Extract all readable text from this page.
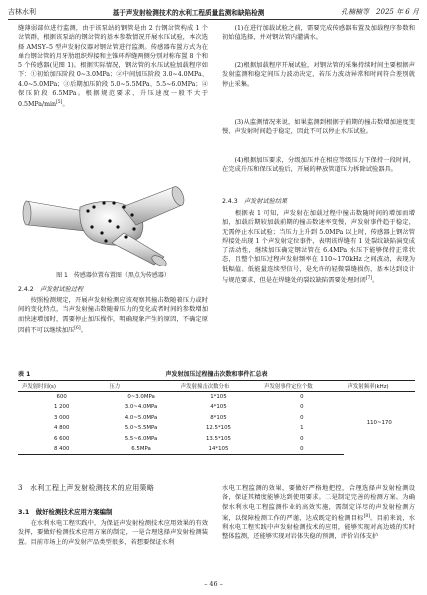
吉林水利	基于声发射检测技术的水利工程质量监测和缺陷检测	孔楠楠等　2025 年 6 月
缝薄弱部位进行监测，由于该泵站的钢管是由 2 台钢岔管构成 1 个岔管群，根据该泵站的钢岔管的基本参数情况开展水压试验，本次选择 AMSY–5 型声发射仪器对钢岔管进行监测。传感器布置方式为在单台钢岔管的月牙肋组织焊接和主锥环焊缝两侧分别对称布置 8 个和 5 个传感器(见图 1)。根据实际情况，钢岔管的水压试验加载程序如下：①初始加压阶段 0~3.0MPa；②中间加压阶段 3.0~4.0MPa、4.0~5.0MPa；③后期加压阶段 5.0~5.5MPa、5.5~6.0MPa；④保压阶段 6.5MPa。根据规范要求，升压速度一般不大于 0.5MPa/min[5]。
图 1　传感器位置布置图（黑点为传感器）
2.4.2　 声发射试验过程
按照检测规定，开展声发射检测应该观察其撞击数随着压力或时间的变化特点，当声发射撞击数随着压力的变化或者时间的参数增加而快速增加时，需要停止加压操作，明确现象产生的原因，不确定原因前不可以继续加压[6]。
(1)在进行加载试验之前，需要完成传感器布置及加载程序参数和初始值选择，并对钢岔管内灌满水。
(2)根据加载程序开展试验，对钢岔管的采集持续时间主要根据声发射监测和稳定间压力波动决定，若压力波动异常和时间符合差别就停止采集。
(3)从监测情况来说，如果监测到根据于前期的撞击数增加速度变慢，声发射时间趋于稳定，因此不可以停止水压试验。
(4)根据加压要求，分级加压并在相应等级压力下保持一段时间，在完成升压和保压试验后，开展的释放管道压力拆除试验器具。
2.4.3　 声发射试验结果
根据表 1 可知，声发射在加载过程中撞击数随时间的增加而增加，加载后期较加载前期的撞击数速率变慢，声发射事件趋于稳定，无需停止水压试验；当压力上升到 5.0MPa 以上时，传感器上钢岔管焊接处出现 1 个声发射定位事件，表明该焊缝有 1 处裂纹缺陷演变成了活动性，继续加压确定钢岔管在 6.4MPa 水压下能够保持正常状态，且整个加压过程声发射频率在 110~170kHz 之间波动，表现为低幅值、低能量连续型信号，是允许的轻微裂缝损伤，基本达到设计与规范要求，但是在焊缝处的裂纹缺陷需要处理封闭[7]。
表 1	声发射加压过程撞击次数和事件汇总表
声发射时间(s)	压力	声发射撞击次数分布	声发射事件定位个数	声发射频率(kHz)
600	0~3.0MPa	1*105	0	110~170
1 200	3.0~4.0MPa	4*105	0	
3 000	4.0~5.0MPa	8*105	0	
4 800	5.0~5.5MPa	12.5*105	1	
6 600	5.5~6.0MPa	13.5*105	0	
8 400	6.5MPa	14*105	0	
3　水利工程上声发射检测技术的应用策略
3.1　做好检测技术应用方案编制
在水利水电工程实践中，为保证声发射检测技术应用效果的有效发挥，要做好检测技术应用方案的制定，一是合理选择声发射检测装置。目前市场上的声发射产品类型很多，若想要保证水利
水电工程监测的效果，要做好严格地把控，合理选择声发射检测设备，保证其精度能够达到使用要求。二是制定完善的检测方案。为确保水利水电工程监测作业的高效实施，需制定详尽的声发射检测方案，以保障检测工作的严谨，达成既定的检测目标[8]。目前来说，水利水电工程实践中声发射检测技术的应用，能够实现对高边坡的实时整体监测，还能够实现对岩体失稳的预测，评价岩体支护
– 46 –
